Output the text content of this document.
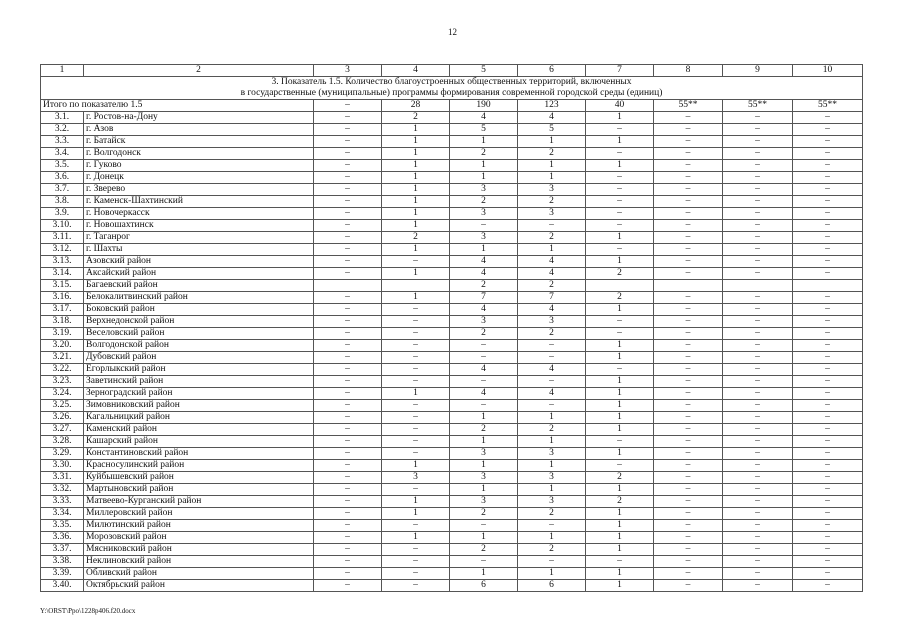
12
1	2	3	4	5	6	7	8	9	10

3. Показатель 1.5. Количество благоустроенных общественных территорий, включенных
в государственные (муниципальные) программы формирования современной городской среды (единиц)									

Итого по показателю 1.5		–	28	190	123	40	55**	55**	55**
3.1.	г. Ростов-на-Дону	–	2	4	4	1	–	–	–
3.2.	г. Азов	–	1	5	5	–	–	–	–
3.3.	г. Батайск	–	1	1	1	1	–	–	–
3.4.	г. Волгодонск	–	1	2	2	–	–	–	–
3.5.	г. Гуково	–	1	1	1	1	–	–	–
3.6.	г. Донецк	–	1	1	1	–	–	–	–
3.7.	г. Зверево	–	1	3	3	–	–	–	–
3.8.	г. Каменск-Шахтинский	–	1	2	2	–	–	–	–
3.9.	г. Новочеркасск	–	1	3	3	–	–	–	–
3.10.	г. Новошахтинск	–	1	–	–	–	–	–	–
3.11.	г. Таганрог	–	2	3	2	1	–	–	–
3.12.	г. Шахты	–	1	1	1	–	–	–	–
3.13.	Азовский район	–	–	4	4	1	–	–	–
3.14.	Аксайский район	–	1	4	4	2	–	–	–
3.15.	Багаевский район			2	2				
3.16.	Белокалитвинский район	–	1	7	7	2	–	–	–
3.17.	Боковский район	–	–	4	4	1	–	–	–
3.18.	Верхнедонской район	–	–	3	3	–	–	–	–
3.19.	Веселовский район	–	–	2	2	–	–	–	–
3.20.	Волгодонской район	–	–	–	–	1	–	–	–
3.21.	Дубовский район	–	–	–	–	1	–	–	–
3.22.	Егорлыкский район	–	–	4	4	–	–	–	–
3.23.	Заветинский район	–	–	–	–	1	–	–	–
3.24.	Зерноградский район	–	1	4	4	1	–	–	–
3.25.	Зимовниковский район	–	–	–	–	1	–	–	–
3.26.	Кагальницкий район	–	–	1	1	1	–	–	–
3.27.	Каменский район	–	–	2	2	1	–	–	–
3.28.	Кашарский район	–	–	1	1	–	–	–	–
3.29.	Константиновский район	–	–	3	3	1	–	–	–
3.30.	Красносулинский район	–	1	1	1	–	–	–	–
3.31.	Куйбышевский район	–	3	3	3	2	–	–	–
3.32.	Мартыновский район	–	–	1	1	1	–	–	–
3.33.	Матвеево-Курганский район	–	1	3	3	2	–	–	–
3.34.	Миллеровский район	–	1	2	2	1	–	–	–
3.35.	Милютинский район	–	–	–	–	1	–	–	–
3.36.	Морозовский район	–	1	1	1	1	–	–	–
3.37.	Мясниковский район	–	–	2	2	1	–	–	–
3.38.	Неклиновский район	–	–	–	–	–	–	–	–
3.39.	Обливский район	–	–	1	1	1	–	–	–
3.40.	Октябрьский район	–	–	6	6	1	–	–	–
Y:\ORST\Ppo\1228p406.f20.docx
